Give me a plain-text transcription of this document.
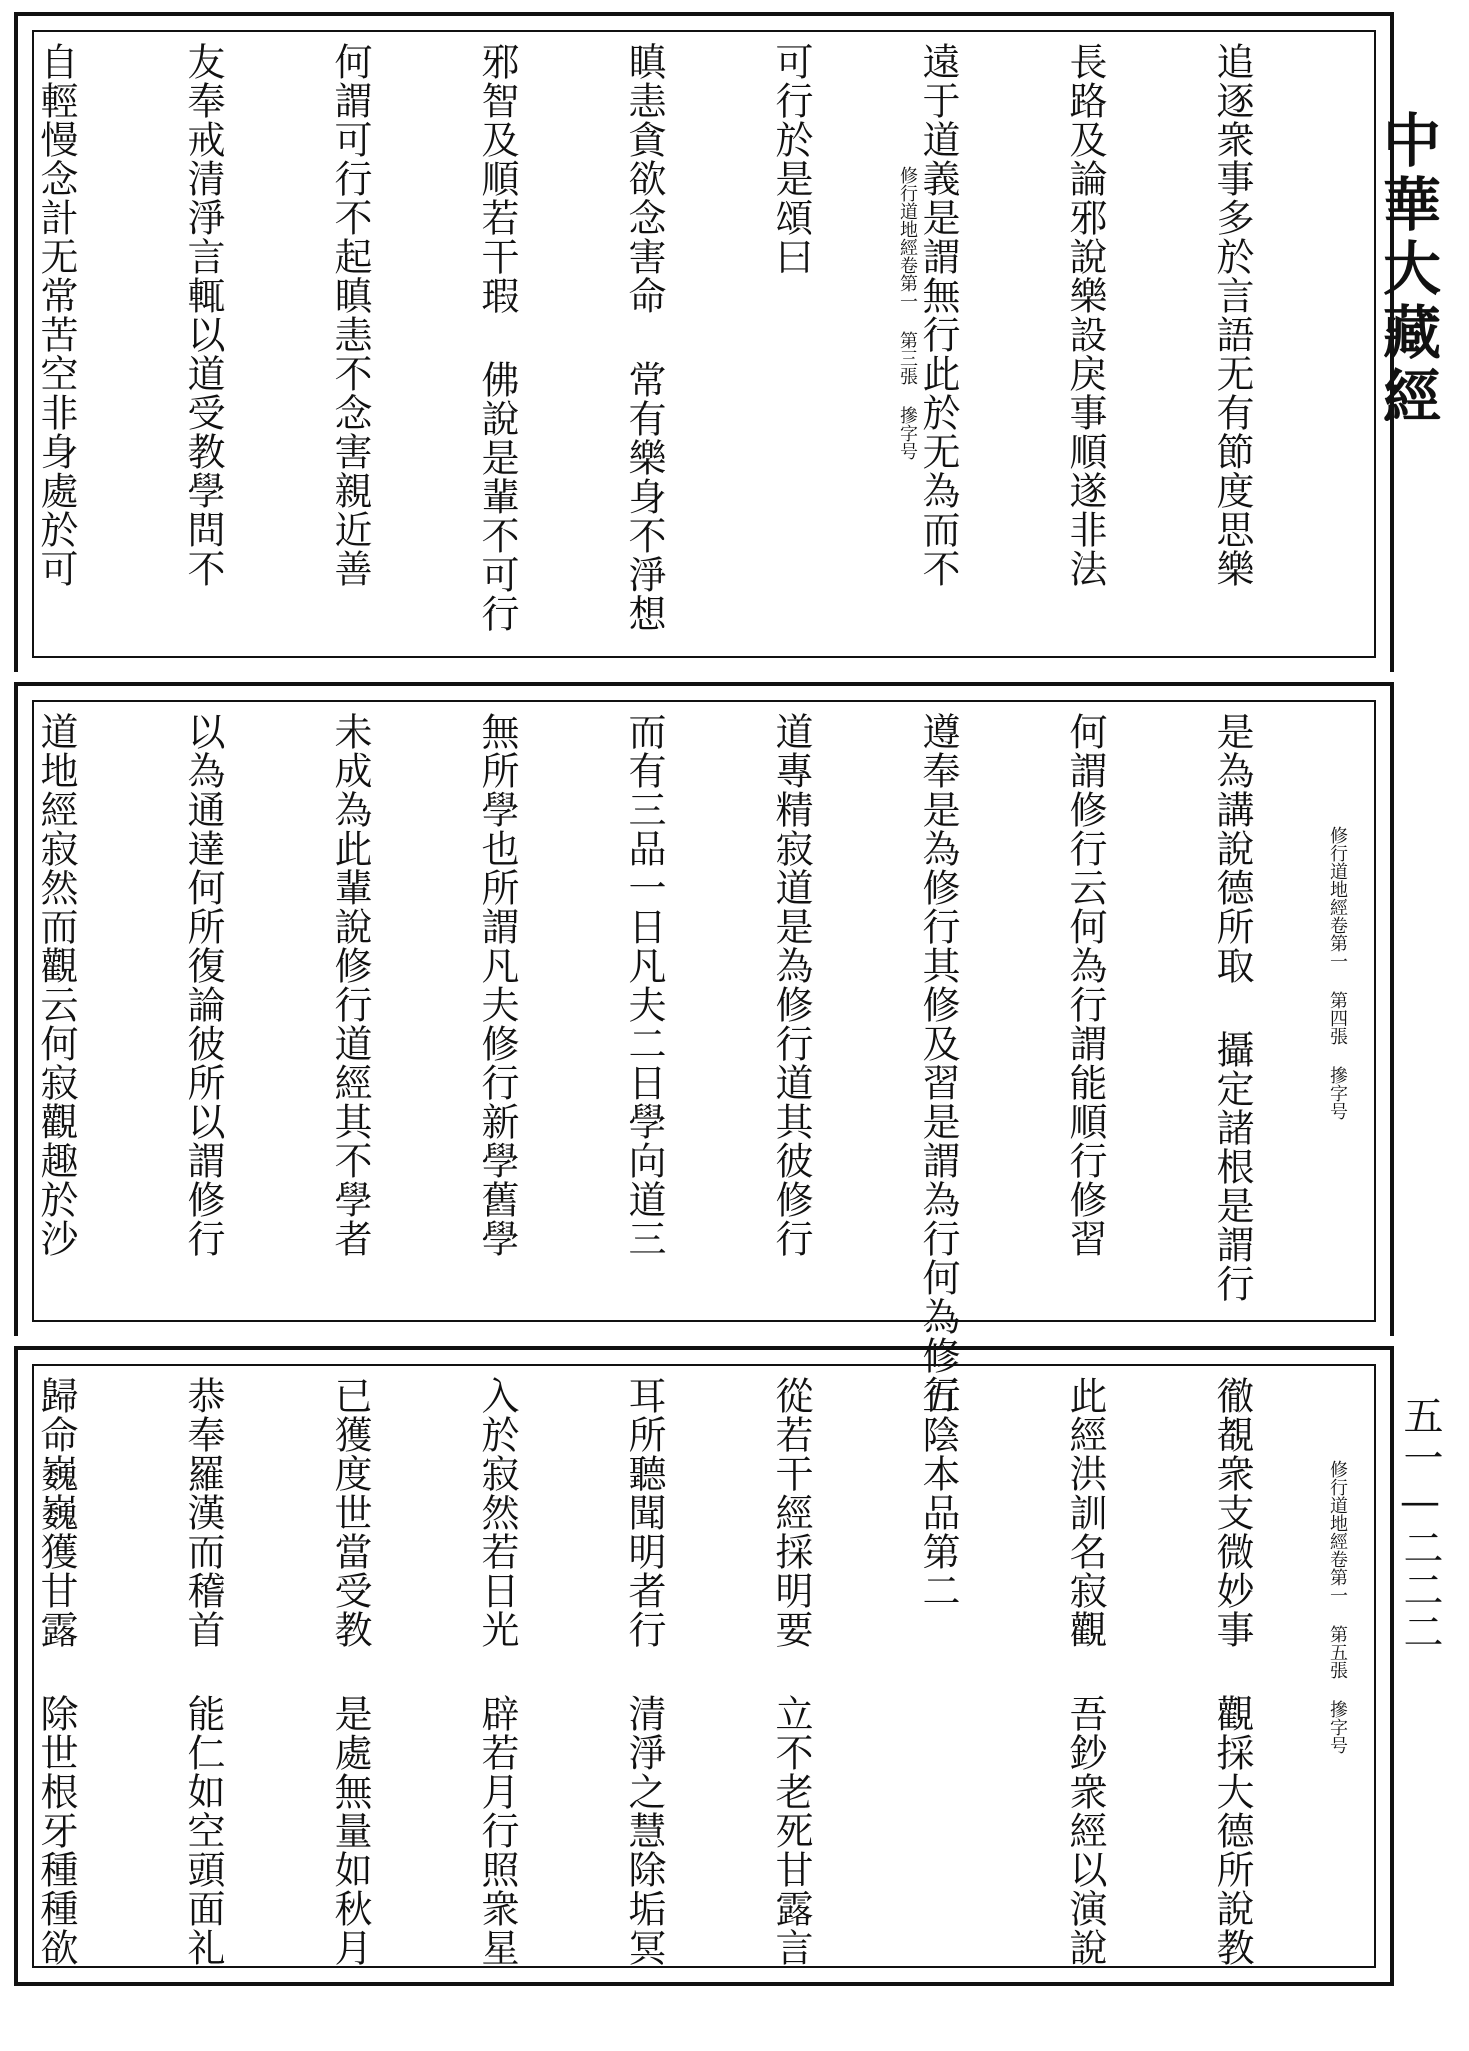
追逐衆事多於言語无有節度思樂

長路及論邪說樂設戾事順遂非法

遠于道義是謂無行此於无為而不

可行於是頌曰

瞋恚貪欲念害命 常有樂身不淨想

邪智及順若干瑕 佛說是輩不可行

何謂可行不起瞋恚不念害親近善

友奉戒清淨言輒以道受教學問不

自輕慢念計无常苦空非身處於可

	修行道地經卷第一 第三張 摻字号

是為講說德所取 攝定諸根是謂行

何謂修行云何為行謂能順行修習

遵奉是為修行其修及習是謂為行何為修行

道專精寂道是為修行道其彼修行

而有三品一日凡夫二日學向道三

無所學也所謂凡夫修行新學舊學

未成為此輩說修行道經其不學者

以為通達何所復論彼所以謂修行

道地經寂然而觀云何寂觀趣於沙

	修行道地經卷第一 第四張 摻字号

徹覩衆支微妙事 觀採大德所說教

此經洪訓名寂觀 吾鈔衆經以演說

五陰本品第二

從若干經採明要 立不老死甘露言

耳所聽聞明者行 清淨之慧除垢冥

入於寂然若日光 辟若月行照衆星

已獲度世當受教 是處無量如秋月

恭奉羅漢而稽首 能仁如空頭面礼

歸命巍巍獲甘露 除世根牙種種欲

	修行道地經卷第一 第五張 摻字号
中華大藏經
五一—二二二
